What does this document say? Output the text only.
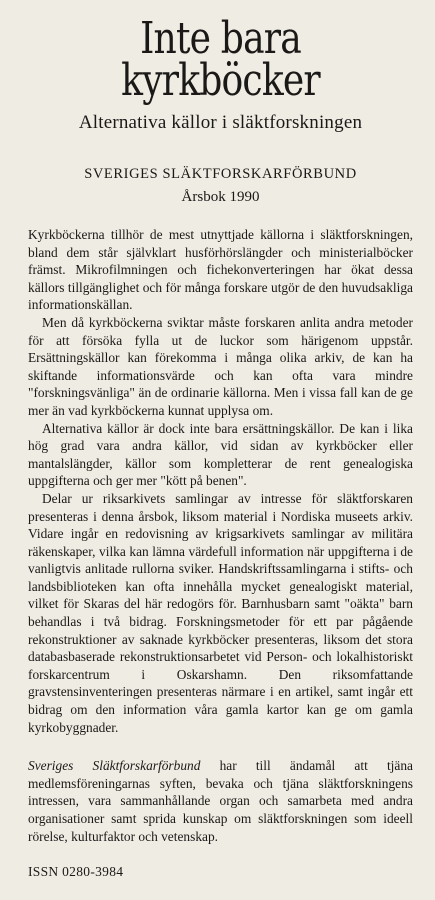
Inte bara
kyrkböcker
Alternativa källor i släktforskningen
SVERIGES SLÄKTFORSKARFÖRBUND
Årsbok 1990

Kyrkböckerna tillhör de mest utnyttjade källorna i släktforskningen, bland dem står självklart husförhörslängder och ministerialböcker främst. Mikrofilmningen och fichekonverteringen har ökat dessa källors tillgänglighet och för många forskare utgör de den huvudsakliga informationskällan.

Men då kyrkböckerna sviktar måste forskaren anlita andra metoder för att försöka fylla ut de luckor som härigenom uppstår. Ersättningskällor kan förekomma i många olika arkiv, de kan ha skiftande informationsvärde och kan ofta vara mindre "forskningsvänliga" än de ordinarie källorna. Men i vissa fall kan de ge mer än vad kyrkböckerna kunnat upplysa om.

Alternativa källor är dock inte bara ersättningskällor. De kan i lika hög grad vara andra källor, vid sidan av kyrkböcker eller mantalslängder, källor som kompletterar de rent genealogiska uppgifterna och ger mer "kött på benen".

Delar ur riksarkivets samlingar av intresse för släktforskaren presenteras i denna årsbok, liksom material i Nordiska museets arkiv. Vidare ingår en redovisning av krigsarkivets samlingar av militära räkenskaper, vilka kan lämna värdefull information när uppgifterna i de vanligtvis anlitade rullorna sviker. Handskriftssamlingarna i stifts- och landsbiblioteken kan ofta innehålla mycket genealogiskt material, vilket för Skaras del här redogörs för. Barnhusbarn samt "oäkta" barn behandlas i två bidrag. Forskningsmetoder för ett par pågående rekonstruktioner av saknade kyrkböcker presenteras, liksom det stora databasbaserade rekonstruktionsarbetet vid Person- och lokalhistoriskt forskarcentrum i Oskarshamn. Den riksomfattande gravstensinventeringen presenteras närmare i en artikel, samt ingår ett bidrag om den information våra gamla kartor kan ge om gamla kyrkobyggnader.

Sveriges Släktforskarförbund har till ändamål att tjäna medlemsföreningarnas syften, bevaka och tjäna släktforskningens intressen, vara sammanhållande organ och samarbeta med andra organisationer samt sprida kunskap om släktforskningen som ideell rörelse, kulturfaktor och vetenskap.

ISSN 0280-3984
